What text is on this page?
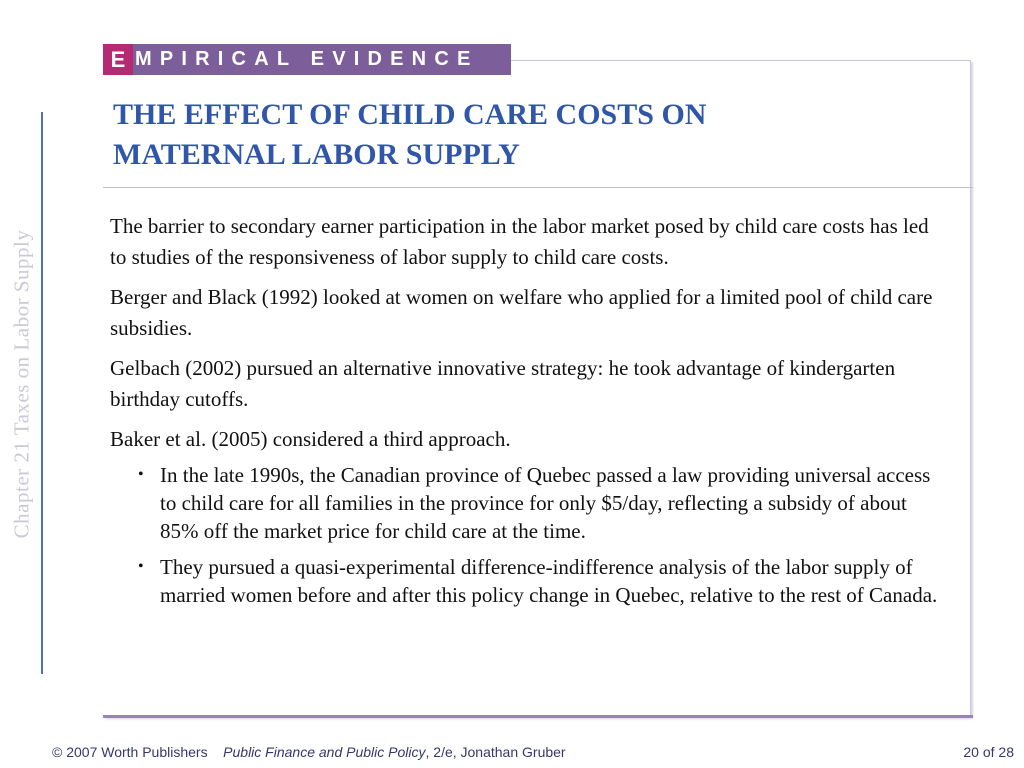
Chapter 21 Taxes on Labor Supply
E MPIRICAL EVIDENCE
THE EFFECT OF CHILD CARE COSTS ON
MATERNAL LABOR SUPPLY

The barrier to secondary earner participation in the labor market posed by child care costs has led to studies of the responsiveness of labor supply to child care costs.

Berger and Black (1992) looked at women on welfare who applied for a limited pool of child care subsidies.

Gelbach (2002) pursued an alternative innovative strategy: he took advantage of kindergarten birthday cutoffs.

Baker et al. (2005) considered a third approach.

• In the late 1990s, the Canadian province of Quebec passed a law providing universal access to child care for all families in the province for only $5/day, reflecting a subsidy of about 85% off the market price for child care at the time.
• They pursued a quasi-experimental difference-indifference analysis of the labor supply of married women before and after this policy change in Quebec, relative to the rest of Canada.
© 2007 Worth Publishers Public Finance and Public Policy, 2/e, Jonathan Gruber	20 of 28
